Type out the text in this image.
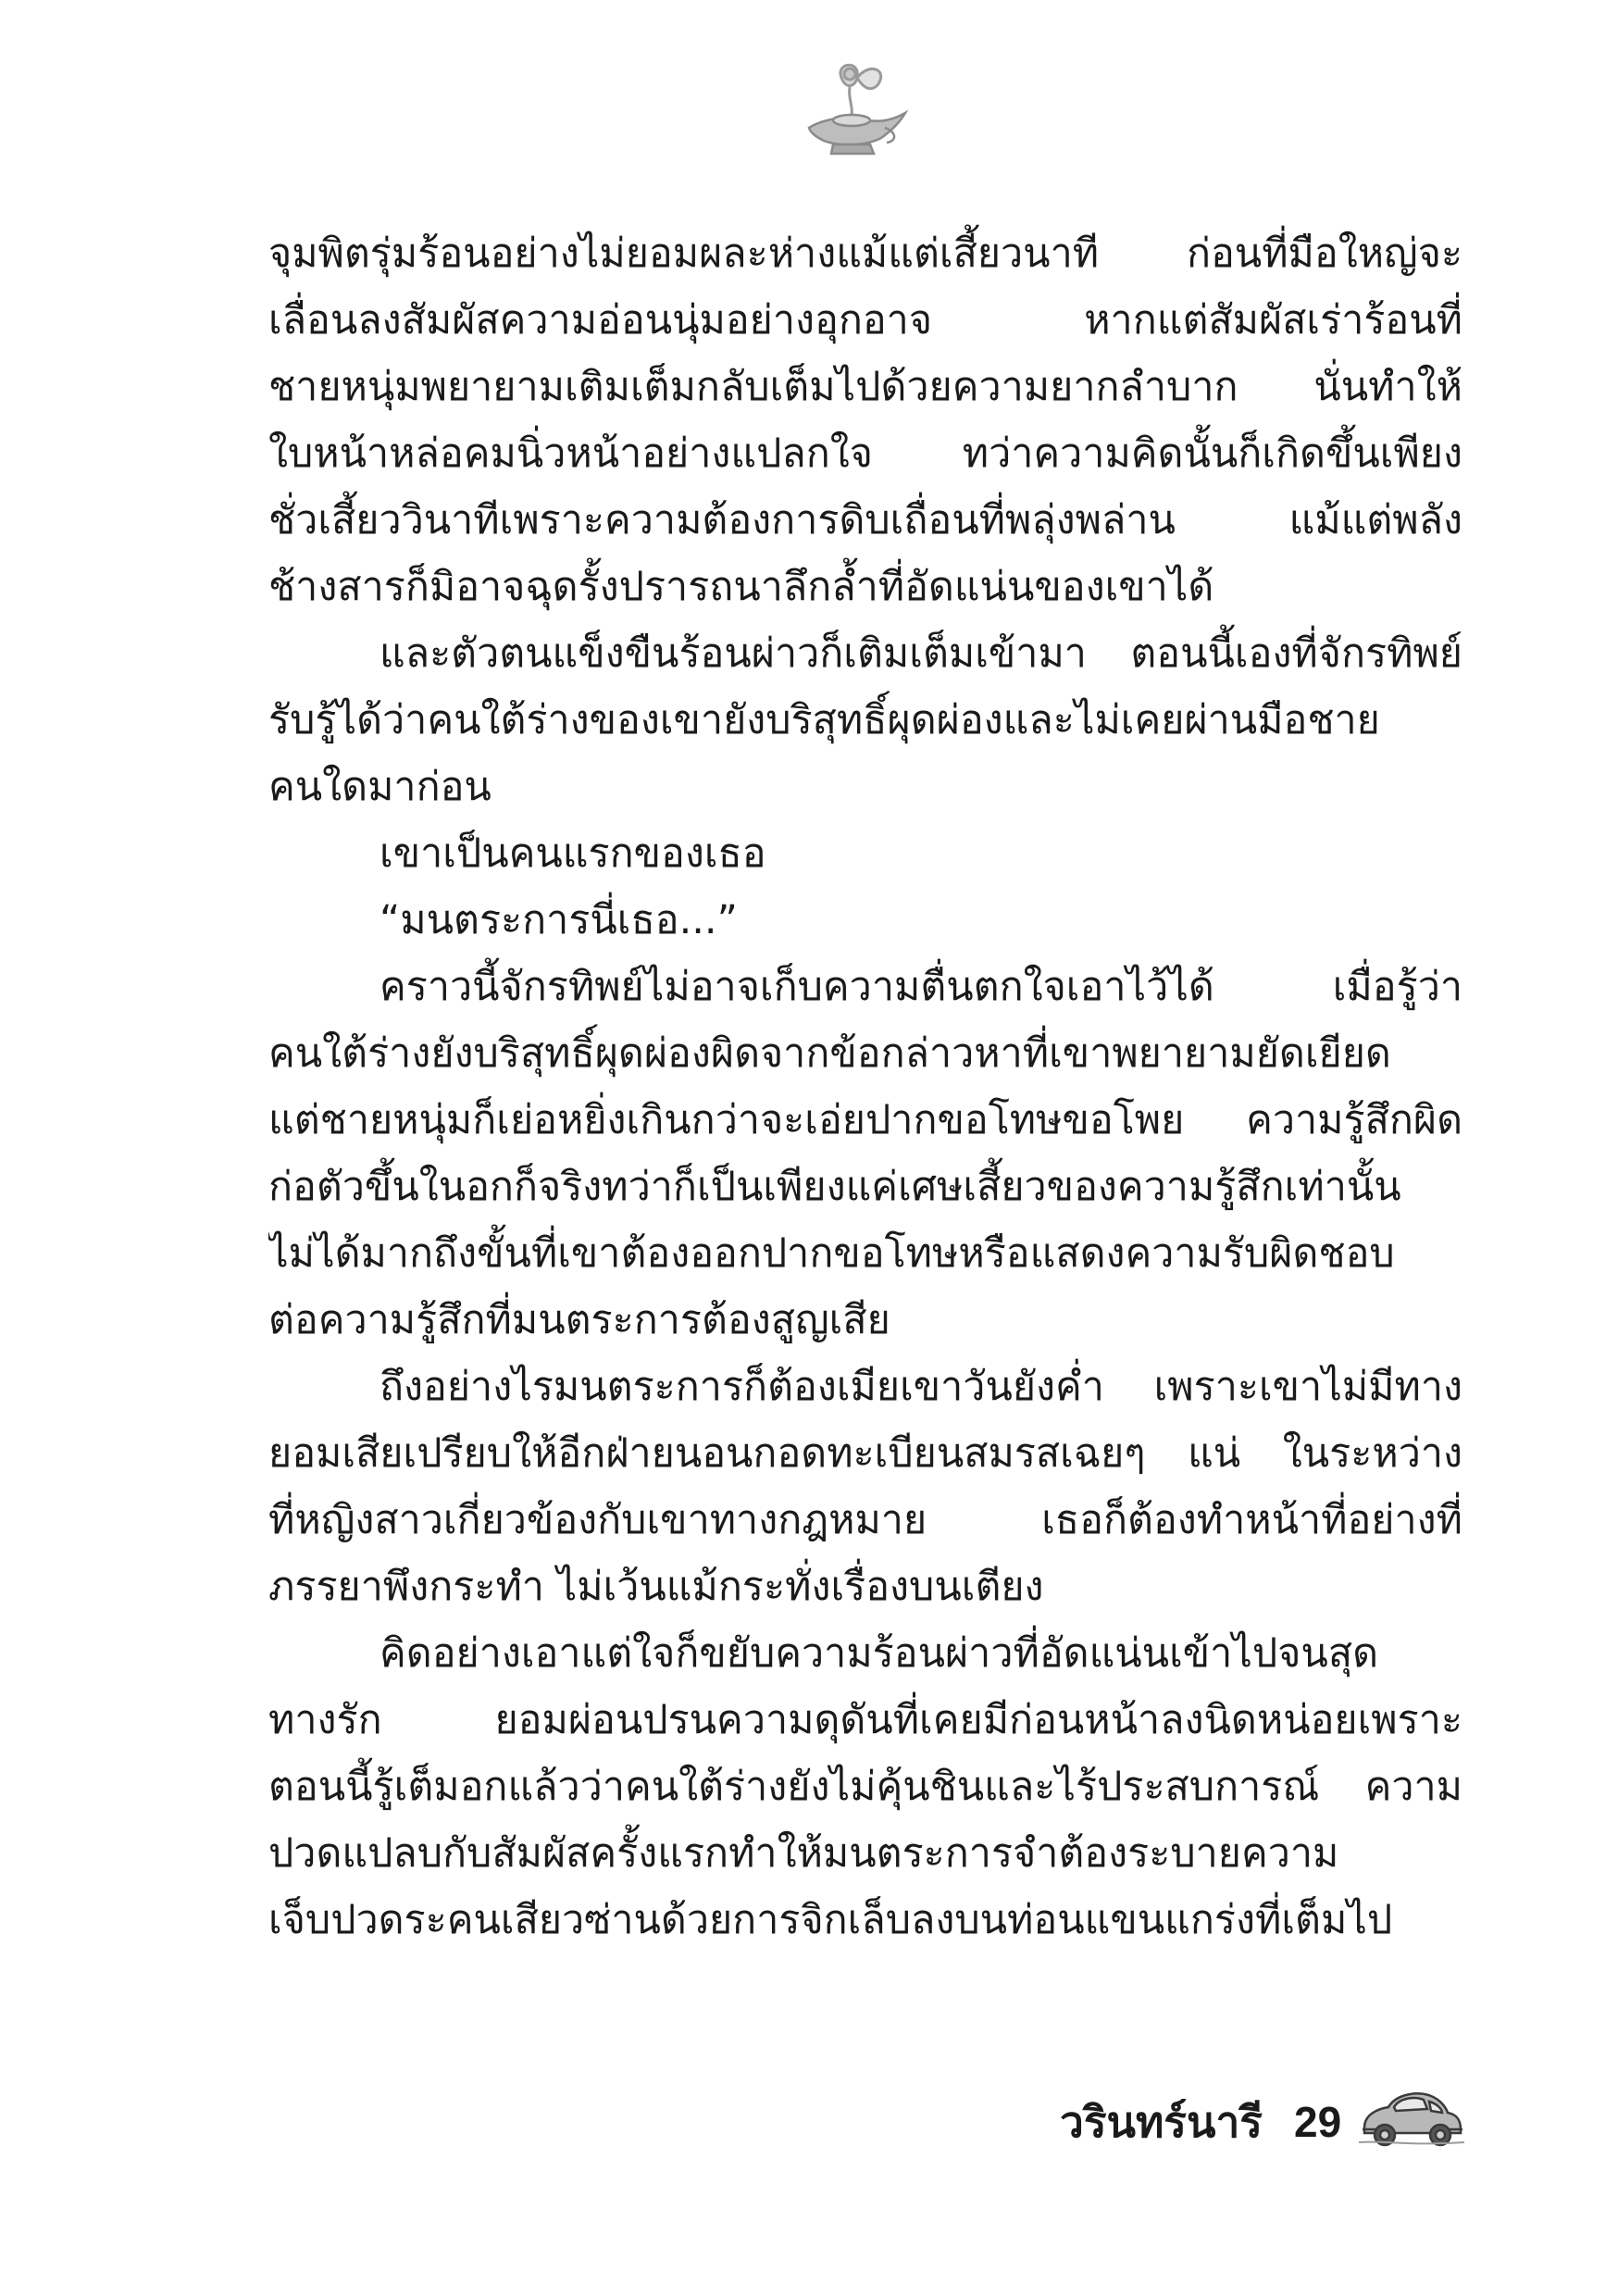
จุมพิตรุ่มร้อนอย่างไม่ยอมผละห่างแม้แต่เสี้ยวนาที ก่อนที่มือใหญ่จะ
เลื่อนลงสัมผัสความอ่อนนุ่มอย่างอุกอาจ หากแต่สัมผัสเร่าร้อนที่
ชายหนุ่มพยายามเติมเต็มกลับเต็มไปด้วยความยากลำบาก นั่นทำให้
ใบหน้าหล่อคมนิ่วหน้าอย่างแปลกใจ ทว่าความคิดนั้นก็เกิดขึ้นเพียง
ชั่วเสี้ยววินาทีเพราะความต้องการดิบเถื่อนที่พลุ่งพล่าน แม้แต่พลัง
ช้างสารก็มิอาจฉุดรั้งปรารถนาลึกล้ำที่อัดแน่นของเขาได้
และตัวตนแข็งขืนร้อนผ่าวก็เติมเต็มเข้ามา ตอนนี้เองที่จักรทิพย์
รับรู้ได้ว่าคนใต้ร่างของเขายังบริสุทธิ์ผุดผ่องและไม่เคยผ่านมือชาย
คนใดมาก่อน
เขาเป็นคนแรกของเธอ
“มนตระการนี่เธอ...”
คราวนี้จักรทิพย์ไม่อาจเก็บความตื่นตกใจเอาไว้ได้ เมื่อรู้ว่า
คนใต้ร่างยังบริสุทธิ์ผุดผ่องผิดจากข้อกล่าวหาที่เขาพยายามยัดเยียด
แต่ชายหนุ่มก็เย่อหยิ่งเกินกว่าจะเอ่ยปากขอโทษขอโพย ความรู้สึกผิด
ก่อตัวขึ้นในอกก็จริงทว่าก็เป็นเพียงแค่เศษเสี้ยวของความรู้สึกเท่านั้น
ไม่ได้มากถึงขั้นที่เขาต้องออกปากขอโทษหรือแสดงความรับผิดชอบ
ต่อความรู้สึกที่มนตระการต้องสูญเสีย
ถึงอย่างไรมนตระการก็ต้องเมียเขาวันยังค่ำ เพราะเขาไม่มีทาง
ยอมเสียเปรียบให้อีกฝ่ายนอนกอดทะเบียนสมรสเฉยๆ แน่ ในระหว่าง
ที่หญิงสาวเกี่ยวข้องกับเขาทางกฎหมาย เธอก็ต้องทำหน้าที่อย่างที่
ภรรยาพึงกระทำ ไม่เว้นแม้กระทั่งเรื่องบนเตียง
คิดอย่างเอาแต่ใจก็ขยับความร้อนผ่าวที่อัดแน่นเข้าไปจนสุด
ทางรัก ยอมผ่อนปรนความดุดันที่เคยมีก่อนหน้าลงนิดหน่อยเพราะ
ตอนนี้รู้เต็มอกแล้วว่าคนใต้ร่างยังไม่คุ้นชินและไร้ประสบการณ์ ความ
ปวดแปลบกับสัมผัสครั้งแรกทำให้มนตระการจำต้องระบายความ
เจ็บปวดระคนเสียวซ่านด้วยการจิกเล็บลงบนท่อนแขนแกร่งที่เต็มไป
วรินทร์นารี 29
